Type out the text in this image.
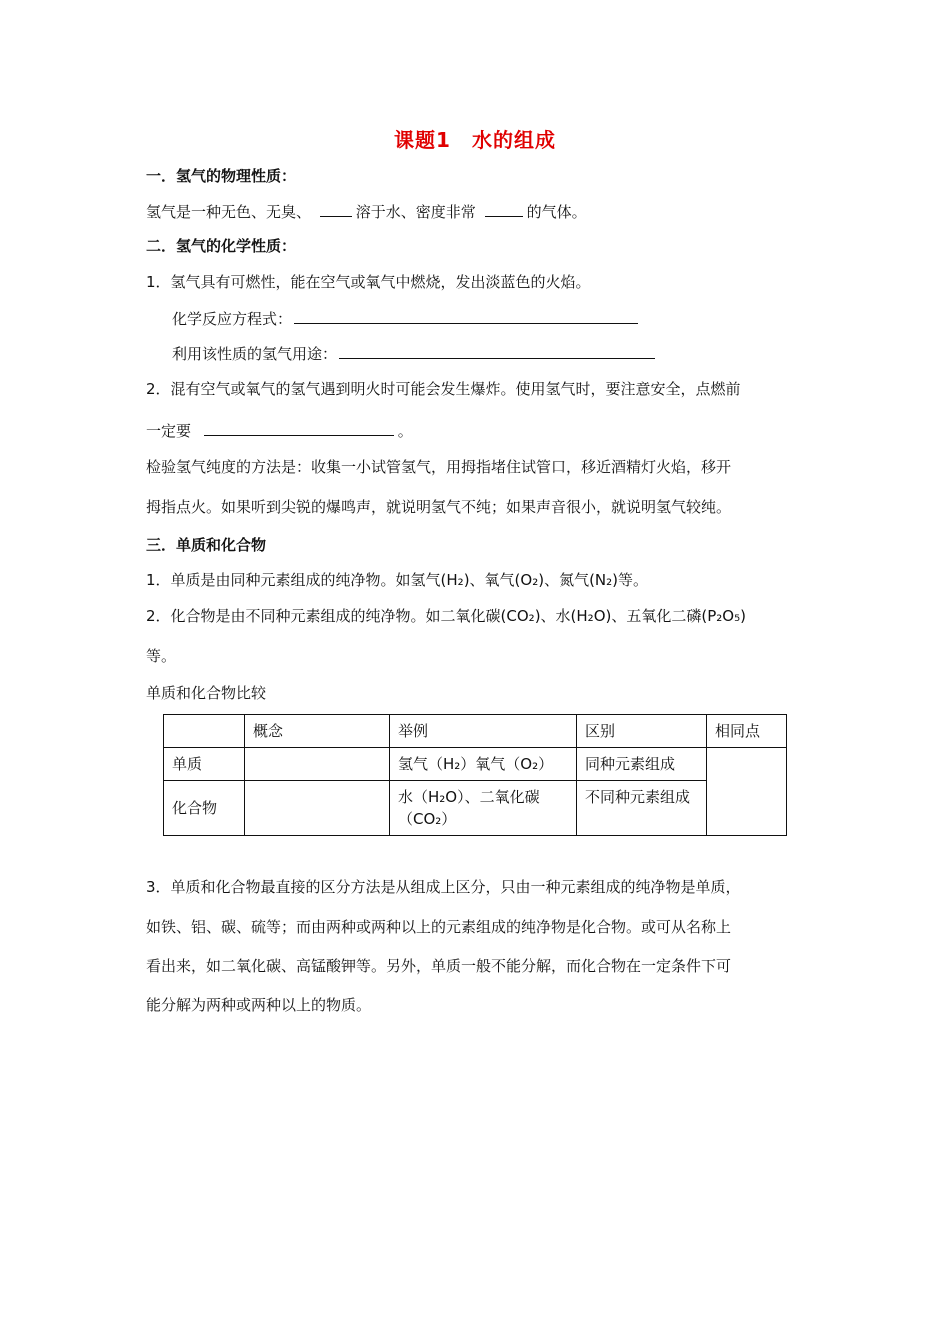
课题1　水的组成
一．氢气的物理性质：
氢气是一种无色、无臭、	溶于水、密度非常	的气体。
二．氢气的化学性质：
1．氢气具有可燃性，能在空气或氧气中燃烧，发出淡蓝色的火焰。
化学反应方程式：
利用该性质的氢气用途：
2．混有空气或氧气的氢气遇到明火时可能会发生爆炸。使用氢气时，要注意安全，点燃前
一定要	。
检验氢气纯度的方法是：收集一小试管氢气，用拇指堵住试管口，移近酒精灯火焰，移开
拇指点火。如果听到尖锐的爆鸣声，就说明氢气不纯；如果声音很小，就说明氢气较纯。
三．单质和化合物
1．单质是由同种元素组成的纯净物。如氢气(H₂)、氧气(O₂)、氮气(N₂)等。
2．化合物是由不同种元素组成的纯净物。如二氧化碳(CO₂)、水(H₂O)、五氧化二磷(P₂O₅)
等。
单质和化合物比较
	概念	举例	区别	相同点
单质		氢气（H₂）氧气（O₂）	同种元素组成	
化合物		水（H₂O）、二氧化碳（CO₂）	不同种元素组成	
3．单质和化合物最直接的区分方法是从组成上区分，只由一种元素组成的纯净物是单质，
如铁、铝、碳、硫等；而由两种或两种以上的元素组成的纯净物是化合物。或可从名称上
看出来，如二氧化碳、高锰酸钾等。另外，单质一般不能分解，而化合物在一定条件下可
能分解为两种或两种以上的物质。
